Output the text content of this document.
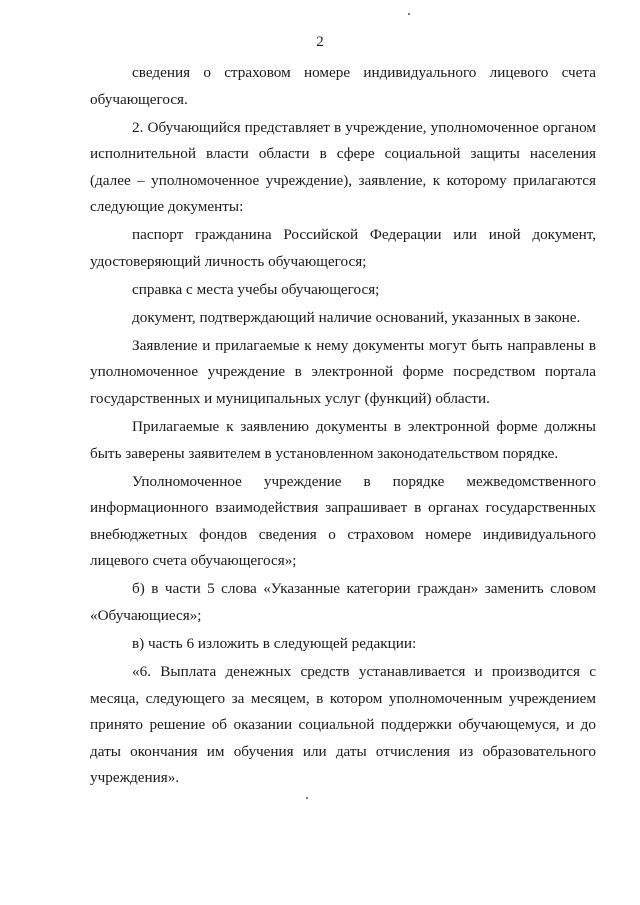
2

сведения о страховом номере индивидуального лицевого счета обучающегося.

2. Обучающийся представляет в учреждение, уполномоченное органом исполнительной власти области в сфере социальной защиты населения (далее – уполномоченное учреждение), заявление, к которому прилагаются следующие документы:

паспорт гражданина Российской Федерации или иной документ, удостоверяющий личность обучающегося;

справка с места учебы обучающегося;

документ, подтверждающий наличие оснований, указанных в законе.

Заявление и прилагаемые к нему документы могут быть направлены в уполномоченное учреждение в электронной форме посредством портала государственных и муниципальных услуг (функций) области.

Прилагаемые к заявлению документы в электронной форме должны быть заверены заявителем в установленном законодательством порядке.

Уполномоченное учреждение в порядке межведомственного информационного взаимодействия запрашивает в органах государственных внебюджетных фондов сведения о страховом номере индивидуального лицевого счета обучающегося»;

б) в части 5 слова «Указанные категории граждан» заменить словом «Обучающиеся»;

в) часть 6 изложить в следующей редакции:

«6. Выплата денежных средств устанавливается и производится с месяца, следующего за месяцем, в котором уполномоченным учреждением принято решение об оказании социальной поддержки обучающемуся, и до даты окончания им обучения или даты отчисления из образовательного учреждения».
